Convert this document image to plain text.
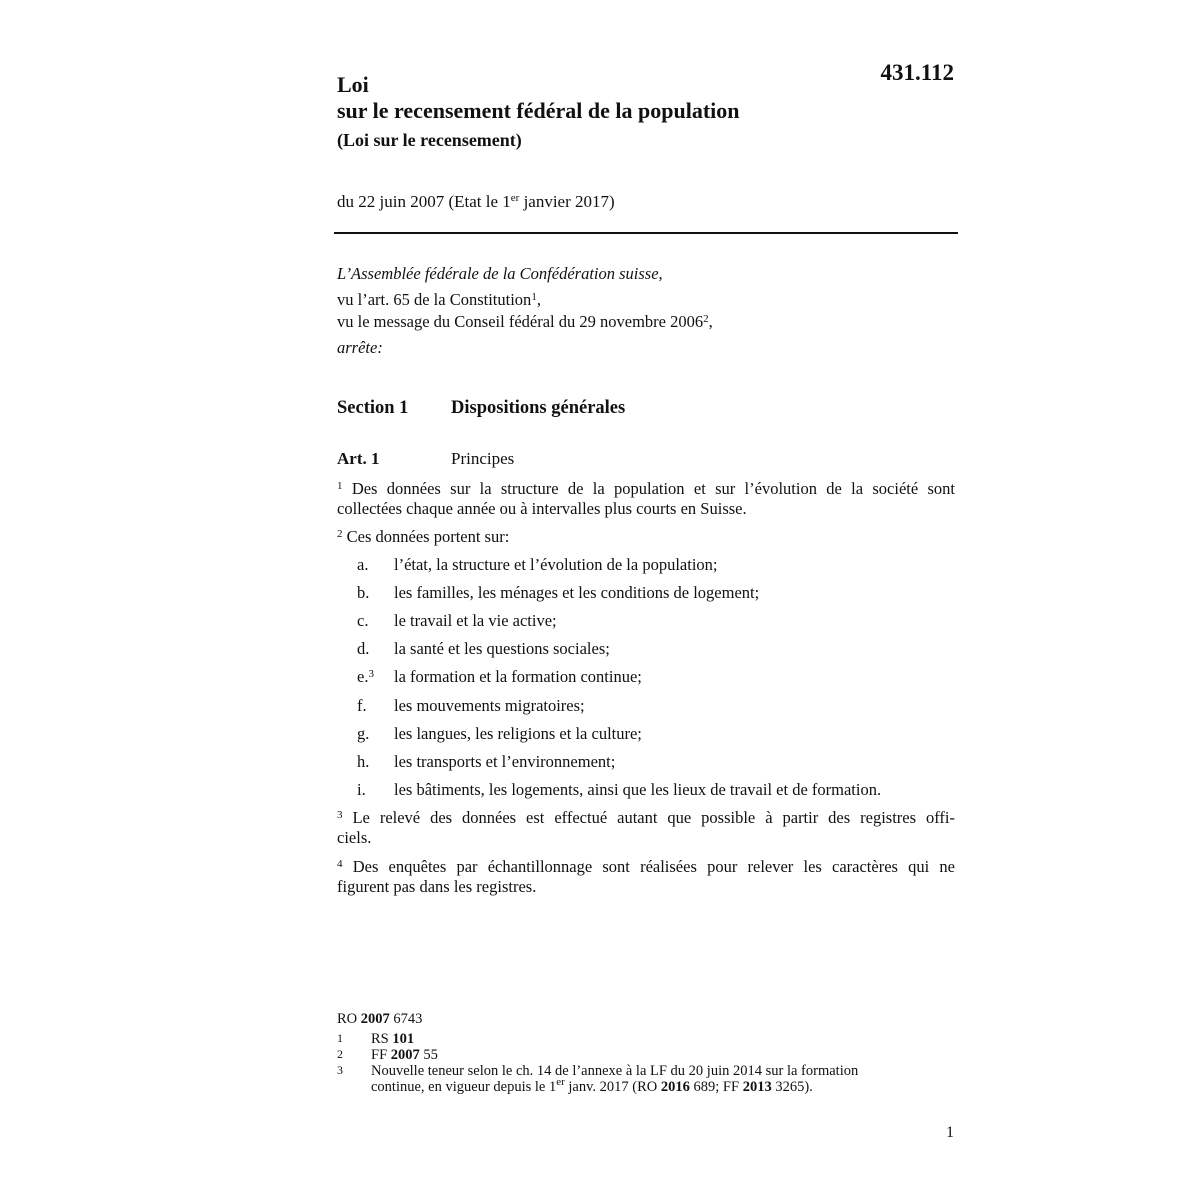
431.112
Loi
sur le recensement fédéral de la population
(Loi sur le recensement)
du 22 juin 2007 (Etat le 1er janvier 2017)
L’Assemblée fédérale de la Confédération suisse,
vu l’art. 65 de la Constitution$^1$,
vu le message du Conseil fédéral du 29 novembre 2006$^2$,
arrête:
Section 1 Dispositions générales
Art. 1	Principes
$^1$ Des données sur la structure de la population et sur l’évolution de la société sont
collectées chaque année ou à intervalles plus courts en Suisse.
$^2$ Ces données portent sur:
a. l’état, la structure et l’évolution de la population;
b. les familles, les ménages et les conditions de logement;
c. le travail et la vie active;
d. la santé et les questions sociales;
e.$^3$ la formation et la formation continue;
f. les mouvements migratoires;
g. les langues, les religions et la culture;
h. les transports et l’environnement;
i. les bâtiments, les logements, ainsi que les lieux de travail et de formation.
$^3$ Le relevé des données est effectué autant que possible à partir des registres offi-
ciels.
$^4$ Des enquêtes par échantillonnage sont réalisées pour relever les caractères qui ne
figurent pas dans les registres.
RO 2007 6743
1 RS 101
2 FF 2007 55
3 Nouvelle teneur selon le ch. 14 de l’annexe à la LF du 20 juin 2014 sur la formation
continue, en vigueur depuis le 1er janv. 2017 (RO 2016 689; FF 2013 3265).
1
